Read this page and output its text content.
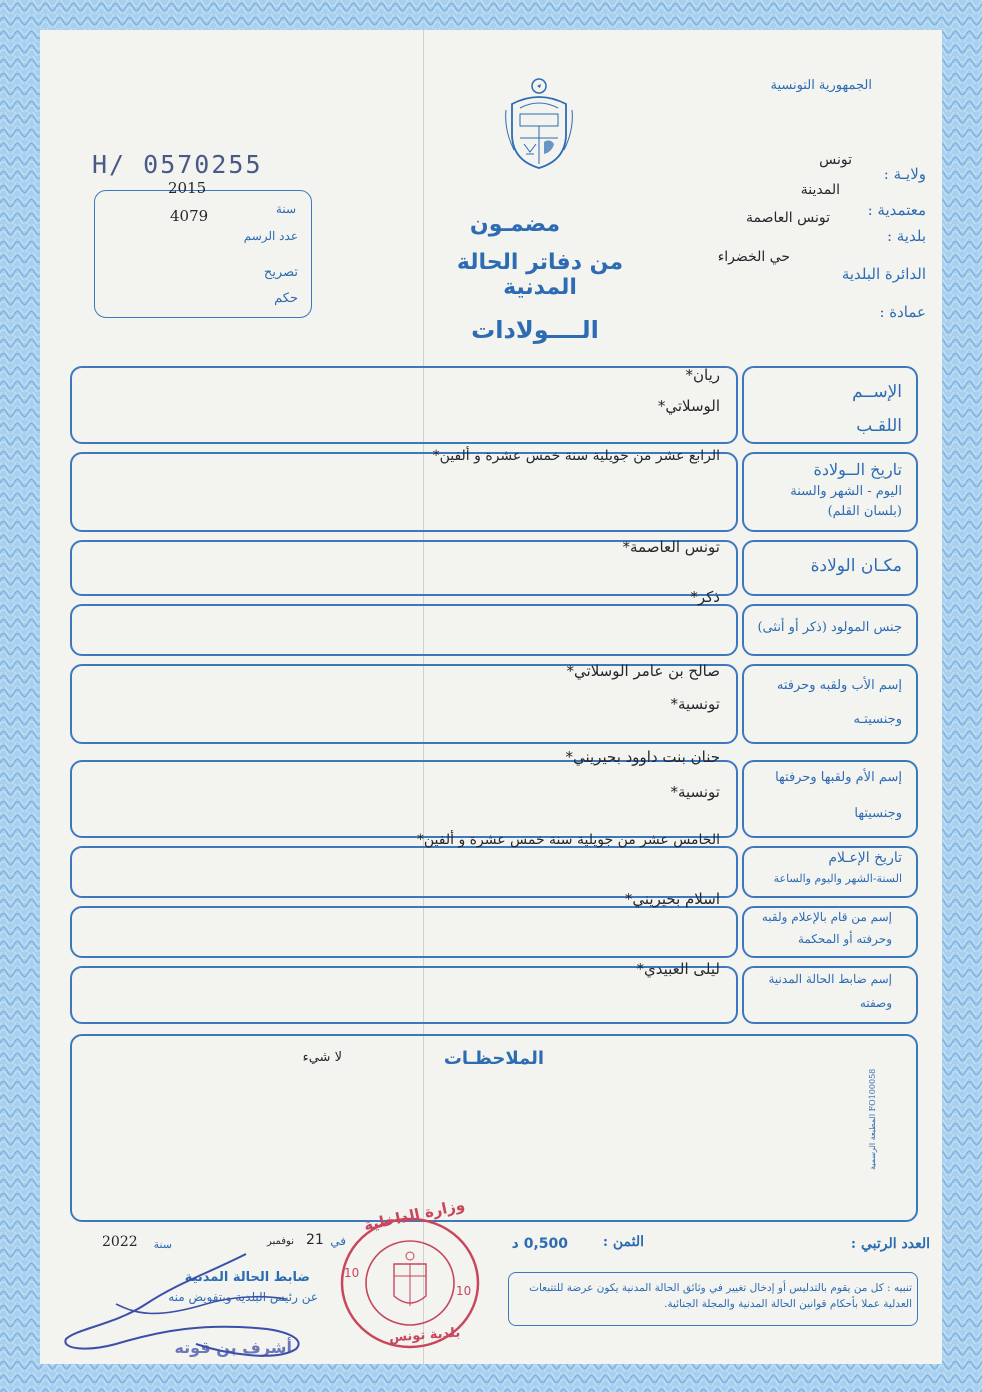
H/ 0570255
2015
4079	سنة
عدد الرسم
تصريح
حكم
الجمهورية التونسية
ولايـة :
تونس
معتمدية :
المدينة
بلدية :
تونس العاصمة
الدائرة البلدية
حي الخضراء
عمادة :
مضمـون
من دفاتر الحالة المدنية
الــــولادات
الإســم
اللقـب
ريان*
الوسلاتي*
تاريخ الــولادة
اليوم - الشهر والسنة
(بلسان القلم)
الرابع عشر من جويلية سنة خمس عشرة و ألفين*
مكـان الولادة
تونس العاصمة*
جنس المولود (ذكر أو أنثى)
ذكر*
إسم الأب ولقبه وحرفته
وجنسيتـه
صالح بن عامر الوسلاتي*
تونسية*
إسم الأم ولقبها وحرفتها
وجنسيتها
حنان بنت داوود بحيريني*
تونسية*
تاريخ الإعـلام
السنة-الشهر واليوم والساعة
الخامس عشر من جويلية سنة خمس عشرة و ألفين*
إسم من قام بالإعلام ولقبه
وحرفته أو المحكمة
اسلام بحيريني*
إسم ضابط الحالة المدنية
وصفته
ليلى العبيدي*
الملاحظـات
لا شيء
المطبعة الرسمية FO100058
العدد الرتبي :
الثمن :
0,500 د
في
21
نوفمبر
سنة
2022
ضابط الحالة المدنية
عن رئيس البلدية وبتفويض منه
أشرف بن قوته
وزارة الداخلية
بلدية تونس
10
10	تنبيه : كل من يقوم بالتدليس أو إدخال تغيير في وثائق الحالة المدنية يكون عرضة للتتبعات العدلية عملا بأحكام قوانين الحالة المدنية والمجلة الجنائية.
